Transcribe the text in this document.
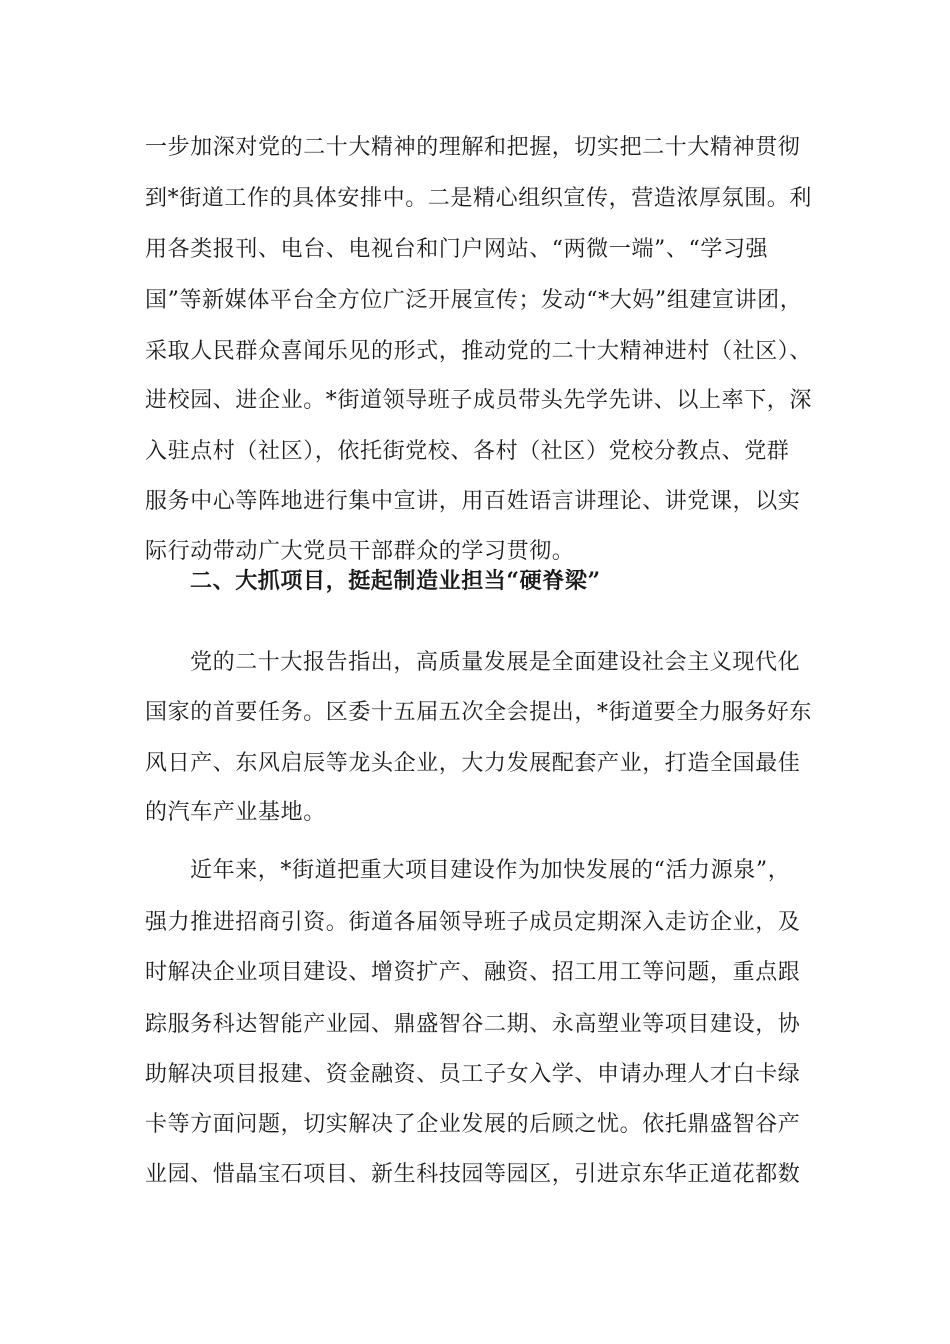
一步加深对党的二十大精神的理解和把握，切实把二十大精神贯彻
到*街道工作的具体安排中。二是精心组织宣传，营造浓厚氛围。利
用各类报刊、电台、电视台和门户网站、“两微一端”、“学习强
国”等新媒体平台全方位广泛开展宣传；发动“*大妈”组建宣讲团，
采取人民群众喜闻乐见的形式，推动党的二十大精神进村（社区）、
进校园、进企业。*街道领导班子成员带头先学先讲、以上率下，深
入驻点村（社区），依托街党校、各村（社区）党校分教点、党群
服务中心等阵地进行集中宣讲，用百姓语言讲理论、讲党课，以实
际行动带动广大党员干部群众的学习贯彻。
二、大抓项目，挺起制造业担当“硬脊梁”
党的二十大报告指出，高质量发展是全面建设社会主义现代化
国家的首要任务。区委十五届五次全会提出，*街道要全力服务好东
风日产、东风启辰等龙头企业，大力发展配套产业，打造全国最佳
的汽车产业基地。
近年来，*街道把重大项目建设作为加快发展的“活力源泉”，
强力推进招商引资。街道各届领导班子成员定期深入走访企业，及
时解决企业项目建设、增资扩产、融资、招工用工等问题，重点跟
踪服务科达智能产业园、鼎盛智谷二期、永高塑业等项目建设，协
助解决项目报建、资金融资、员工子女入学、申请办理人才白卡绿
卡等方面问题，切实解决了企业发展的后顾之忧。依托鼎盛智谷产
业园、惜晶宝石项目、新生科技园等园区，引进京东华正道花都数
